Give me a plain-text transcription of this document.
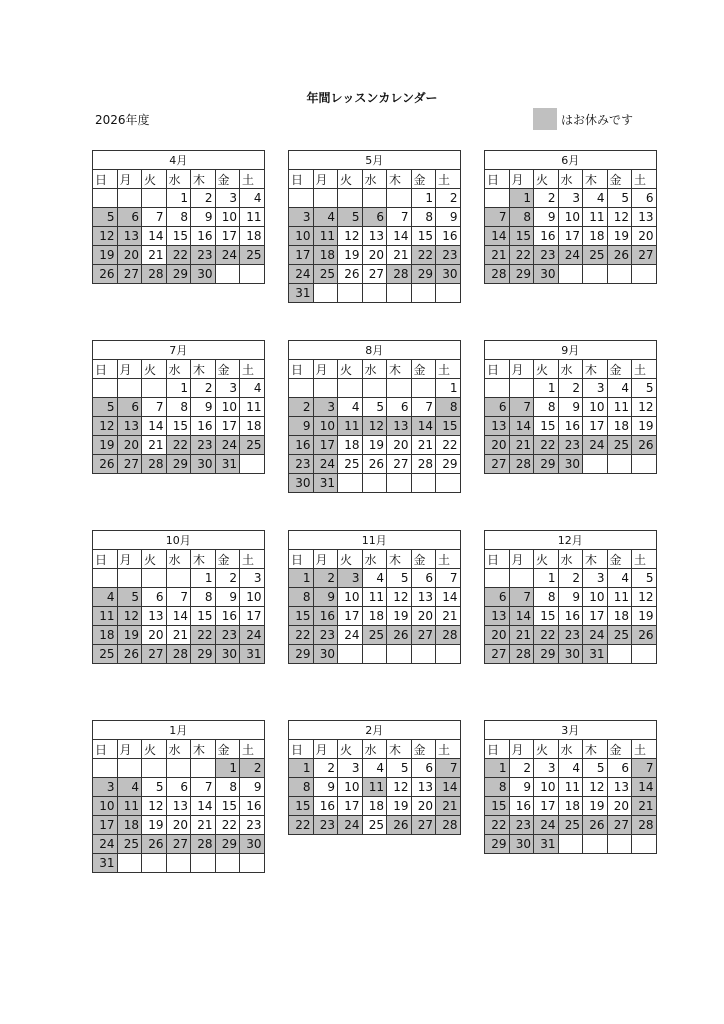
年間レッスンカレンダー
2026年度	はお休みです
4月						
日	月	火	水	木	金	土
			1	2	3	4
5	6	7	8	9	10	11
12	13	14	15	16	17	18
19	20	21	22	23	24	25
26	27	28	29	30		
5月						
日	月	火	水	木	金	土
					1	2
3	4	5	6	7	8	9
10	11	12	13	14	15	16
17	18	19	20	21	22	23
24	25	26	27	28	29	30
31						
6月						
日	月	火	水	木	金	土
	1	2	3	4	5	6
7	8	9	10	11	12	13
14	15	16	17	18	19	20
21	22	23	24	25	26	27
28	29	30				
7月						
日	月	火	水	木	金	土
			1	2	3	4
5	6	7	8	9	10	11
12	13	14	15	16	17	18
19	20	21	22	23	24	25
26	27	28	29	30	31	
8月						
日	月	火	水	木	金	土
						1
2	3	4	5	6	7	8
9	10	11	12	13	14	15
16	17	18	19	20	21	22
23	24	25	26	27	28	29
30	31					
9月						
日	月	火	水	木	金	土
		1	2	3	4	5
6	7	8	9	10	11	12
13	14	15	16	17	18	19
20	21	22	23	24	25	26
27	28	29	30			
10月						
日	月	火	水	木	金	土
				1	2	3
4	5	6	7	8	9	10
11	12	13	14	15	16	17
18	19	20	21	22	23	24
25	26	27	28	29	30	31
11月						
日	月	火	水	木	金	土
1	2	3	4	5	6	7
8	9	10	11	12	13	14
15	16	17	18	19	20	21
22	23	24	25	26	27	28
29	30					
12月						
日	月	火	水	木	金	土
		1	2	3	4	5
6	7	8	9	10	11	12
13	14	15	16	17	18	19
20	21	22	23	24	25	26
27	28	29	30	31		
1月						
日	月	火	水	木	金	土
					1	2
3	4	5	6	7	8	9
10	11	12	13	14	15	16
17	18	19	20	21	22	23
24	25	26	27	28	29	30
31						
2月						
日	月	火	水	木	金	土
1	2	3	4	5	6	7
8	9	10	11	12	13	14
15	16	17	18	19	20	21
22	23	24	25	26	27	28
3月						
日	月	火	水	木	金	土
1	2	3	4	5	6	7
8	9	10	11	12	13	14
15	16	17	18	19	20	21
22	23	24	25	26	27	28
29	30	31				
